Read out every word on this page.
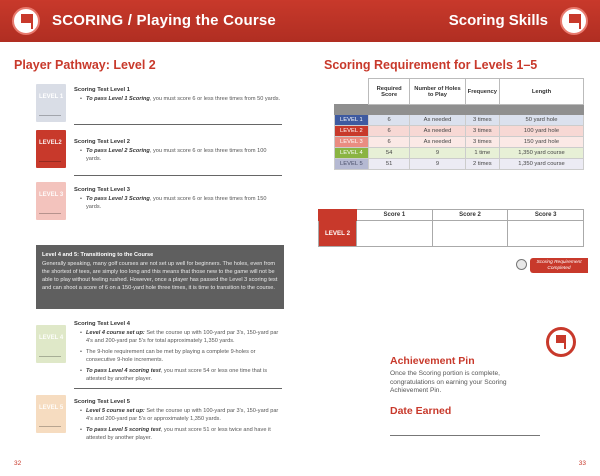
SCORING / Playing the Course	Scoring Skills
Player Pathway: Level 2
LEVEL 1
Scoring Test Level 1
• To pass Level 1 Scoring, you must score 6 or less three times from 50 yards.
LEVEL2 Scoring Test Level 2
• To pass Level 2 Scoring, you must score 6 or less three times from 100 yards.
LEVEL 3
Scoring Test Level 3
• To pass Level 3 Scoring, you must score 6 or less three times from 150 yards.
Level 4 and 5: Transitioning to the Course
Generally speaking, many golf courses are not set up well for beginners. The holes, even from the shortest of tees, are simply too long and this means that those new to the game will not be able to play without feeling rushed. However, once a player has passed the Level 3 scoring test and can shoot a score of 6 on a 150-yard hole three times, it is time to transition to the course.
LEVEL 4
Scoring Test Level 4
• Level 4 course set up: Set the course up with 100-yard par 3's, 150-yard par 4's and 200-yard par 5's for total approximately 1,350 yards.
• The 9-hole requirement can be met by playing a complete 9-holes or consecutive 9-hole increments.
• To pass Level 4 scoring test, you must score 54 or less one time that is attested by another player.
LEVEL 5
Scoring Test Level 5
• Level 5 course set up: Set the course up with 100-yard par 3's, 150-yard par 4's and 200-yard par 5's or approximately 1,350 yards.
• To pass Level 5 scoring test, you must score 51 or less twice and have it attested by another player.
32
Scoring Requirement for Levels 1–5
	Required Score	Number of Holes to Play	Frequency	Length

LEVEL 1	6	As needed	3 times	50 yard hole
LEVEL 2	6	As needed	3 times	100 yard hole
LEVEL 3	6	As needed	3 times	150 yard hole
LEVEL 4	54	9	1 time	1,350 yard course
LEVEL 5	51	9	2 times	1,350 yard course
	Score 1	Score 2	Score 3
LEVEL 2			
Scoring Requirement Completed
Achievement Pin
Once the Scoring portion is complete, congratulations on earning your Scoring Achievement Pin.
Date Earned
33
